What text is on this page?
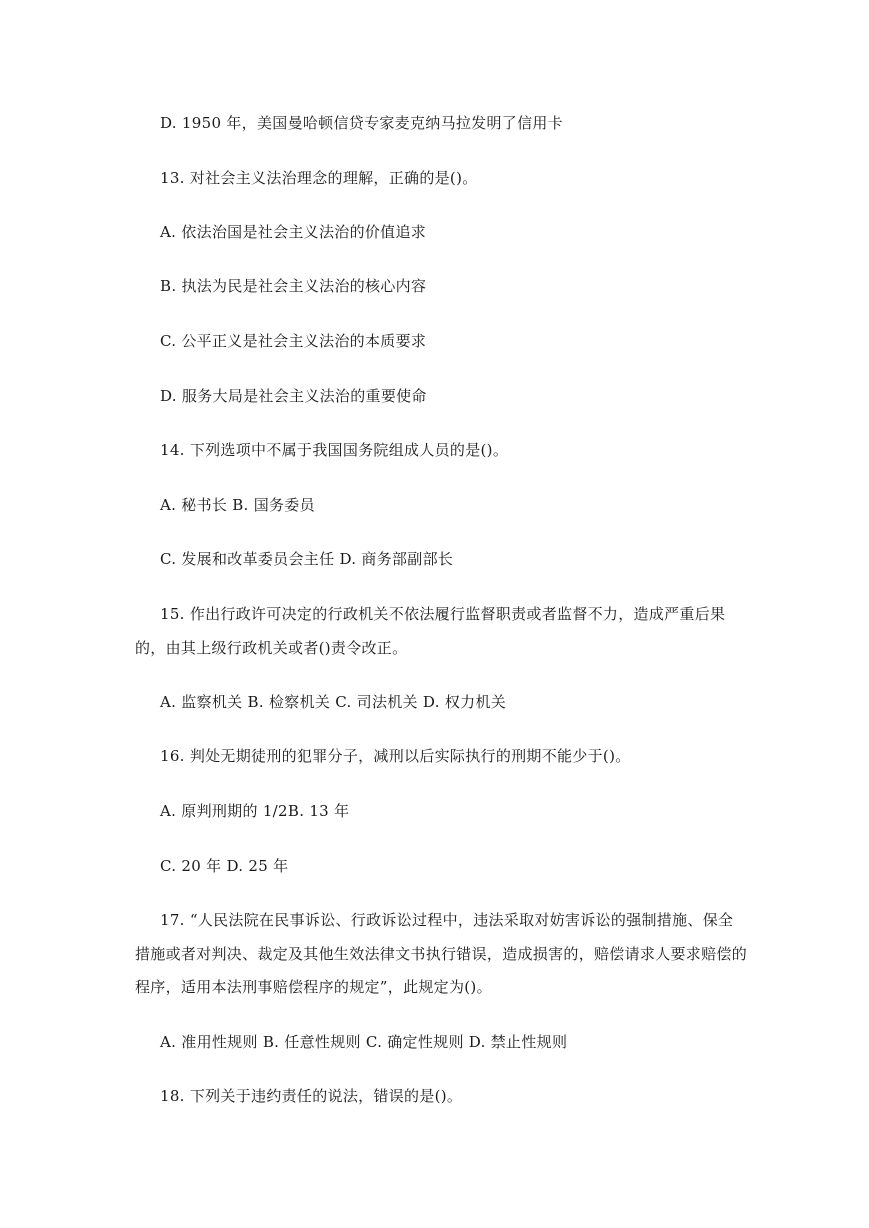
D. 1950 年，美国曼哈顿信贷专家麦克纳马拉发明了信用卡
13. 对社会主义法治理念的理解，正确的是()。
A. 依法治国是社会主义法治的价值追求
B. 执法为民是社会主义法治的核心内容
C. 公平正义是社会主义法治的本质要求
D. 服务大局是社会主义法治的重要使命
14. 下列选项中不属于我国国务院组成人员的是()。
A. 秘书长 B. 国务委员
C. 发展和改革委员会主任 D. 商务部副部长
15. 作出行政许可决定的行政机关不依法履行监督职责或者监督不力，造成严重后果
的，由其上级行政机关或者()责令改正。
A. 监察机关 B. 检察机关 C. 司法机关 D. 权力机关
16. 判处无期徒刑的犯罪分子，减刑以后实际执行的刑期不能少于()。
A. 原判刑期的 1/2B. 13 年
C. 20 年 D. 25 年
17. “人民法院在民事诉讼、行政诉讼过程中，违法采取对妨害诉讼的强制措施、保全
措施或者对判决、裁定及其他生效法律文书执行错误，造成损害的，赔偿请求人要求赔偿的
程序，适用本法刑事赔偿程序的规定”，此规定为()。
A. 准用性规则 B. 任意性规则 C. 确定性规则 D. 禁止性规则
18. 下列关于违约责任的说法，错误的是()。
